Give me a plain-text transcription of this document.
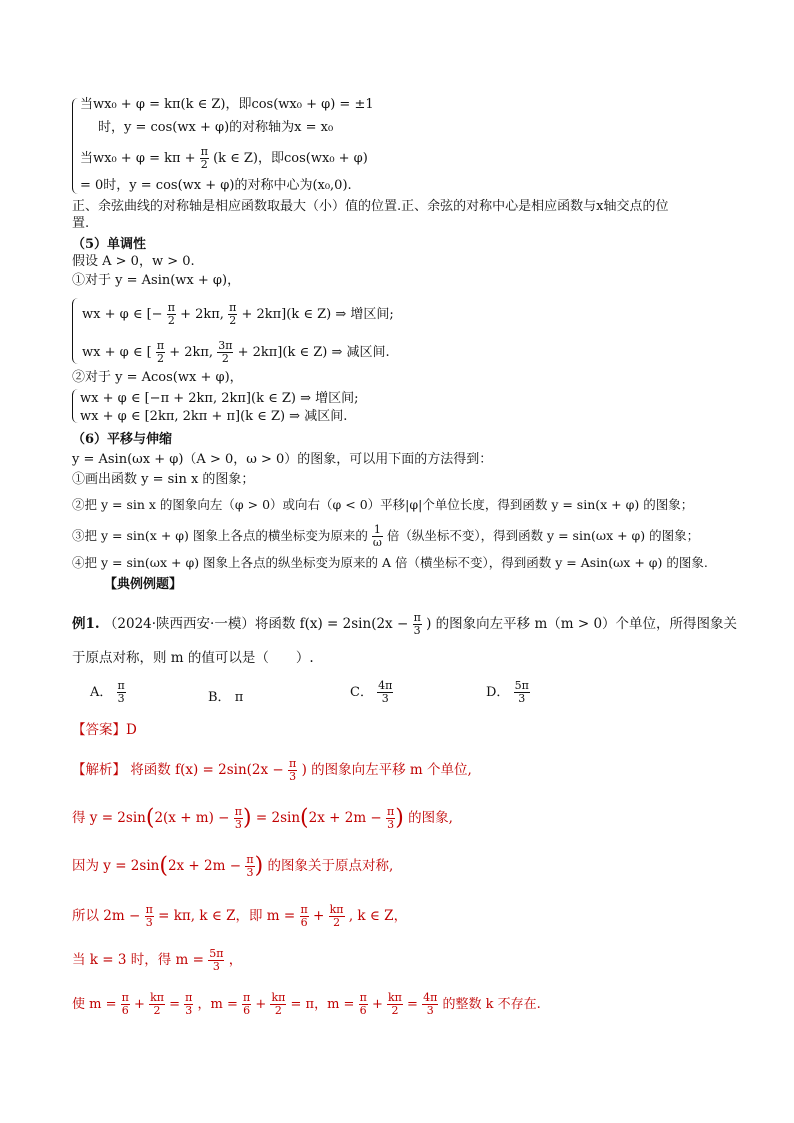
当wx₀ + φ = kπ(k ∈ Z)，即cos(wx₀ + φ) = ±1
时，y = cos(wx + φ)的对称轴为x = x₀
当$wx_0 + \varphi = k\pi + \frac{\pi}{2} (k$ ∈ Z)，即cos(wx₀ + φ)
= 0时，y = cos(wx + φ)的对称中心为(x₀,0).
正、余弦曲线的对称轴是相应函数取最大（小）值的位置.正、余弦的对称中心是相应函数与x轴交点的位
置.
（5）单调性
假设 A > 0，w > 0.
①对于 y = Asin(wx + φ)，
wx + φ ∈ [− $\frac{\pi}{2} + 2k\pi$, $\frac{\pi}{2} + 2k\pi](k$ ∈ Z) ⇒ 增区间;
wx + φ ∈ [ $\frac{\pi}{2} + 2k\pi$, $\frac{3\pi}{2} + 2k\pi](k$ ∈ Z) ⇒ 减区间.
②对于 y = Acos(wx + φ)，
wx + φ ∈ [−π + 2kπ, 2kπ](k ∈ Z) ⇒ 增区间;
wx + φ ∈ [2kπ, 2kπ + π](k ∈ Z) ⇒ 减区间.
（6）平移与伸缩
y = Asin(ωx + φ)（A > 0，ω > 0）的图象，可以用下面的方法得到：
①画出函数 y = sin x 的图象；
②把 y = sin x 的图象向左（φ > 0）或向右（φ < 0）平移|φ|个单位长度，得到函数 y = sin(x + φ) 的图象；
③把 y = sin(x + φ) 图象上各点的横坐标变为原来的 $\frac{1}{\omega}$ 倍（纵坐标不变），得到函数 y = sin(ωx + φ) 的图象；
④把 y = sin(ωx + φ) 图象上各点的纵坐标变为原来的 A 倍（横坐标不变），得到函数 y = Asin(ωx + φ) 的图象.
【典例例题】
例1. （2024·陕西西安·一模）将函数 $f(x) = 2\sin(2x - \frac{\pi}{3}$ ) 的图象向左平移 m（m > 0）个单位，所得图象关
于原点对称，则 m 的值可以是（　　）.
A． $\frac{\pi}{3}$	B． π	C． $\frac{4\pi}{3}$	D． $\frac{5\pi}{3}$
【答案】D
【解析】 将函数 $f(x) = 2\sin(2x - \frac{\pi}{3}$ ) 的图象向左平移 m 个单位,
得 $y = 2\sin(2(x + m) - \frac{\pi}{3}$ ) = $2\sin(2x + 2m - \frac{\pi}{3}$ ) 的图象,
因为 $y = 2\sin(2x + 2m - \frac{\pi}{3}$ ) 的图象关于原点对称,
所以 $2m - \frac{\pi}{3} = k\pi$, k ∈ Z，即 $m = \frac{\pi}{6} + \frac{k\pi}{2}$ , k ∈ Z，
当 k = 3 时，得 $m = \frac{5\pi}{3}$ ，
使 $m = \frac{\pi}{6} + \frac{k\pi}{2} = \frac{\pi}{3}$ ，$m = \frac{\pi}{6} + \frac{k\pi}{2} = \pi$，$m = \frac{\pi}{6} + \frac{k\pi}{2} = \frac{4\pi}{3}$ 的整数 k 不存在.
